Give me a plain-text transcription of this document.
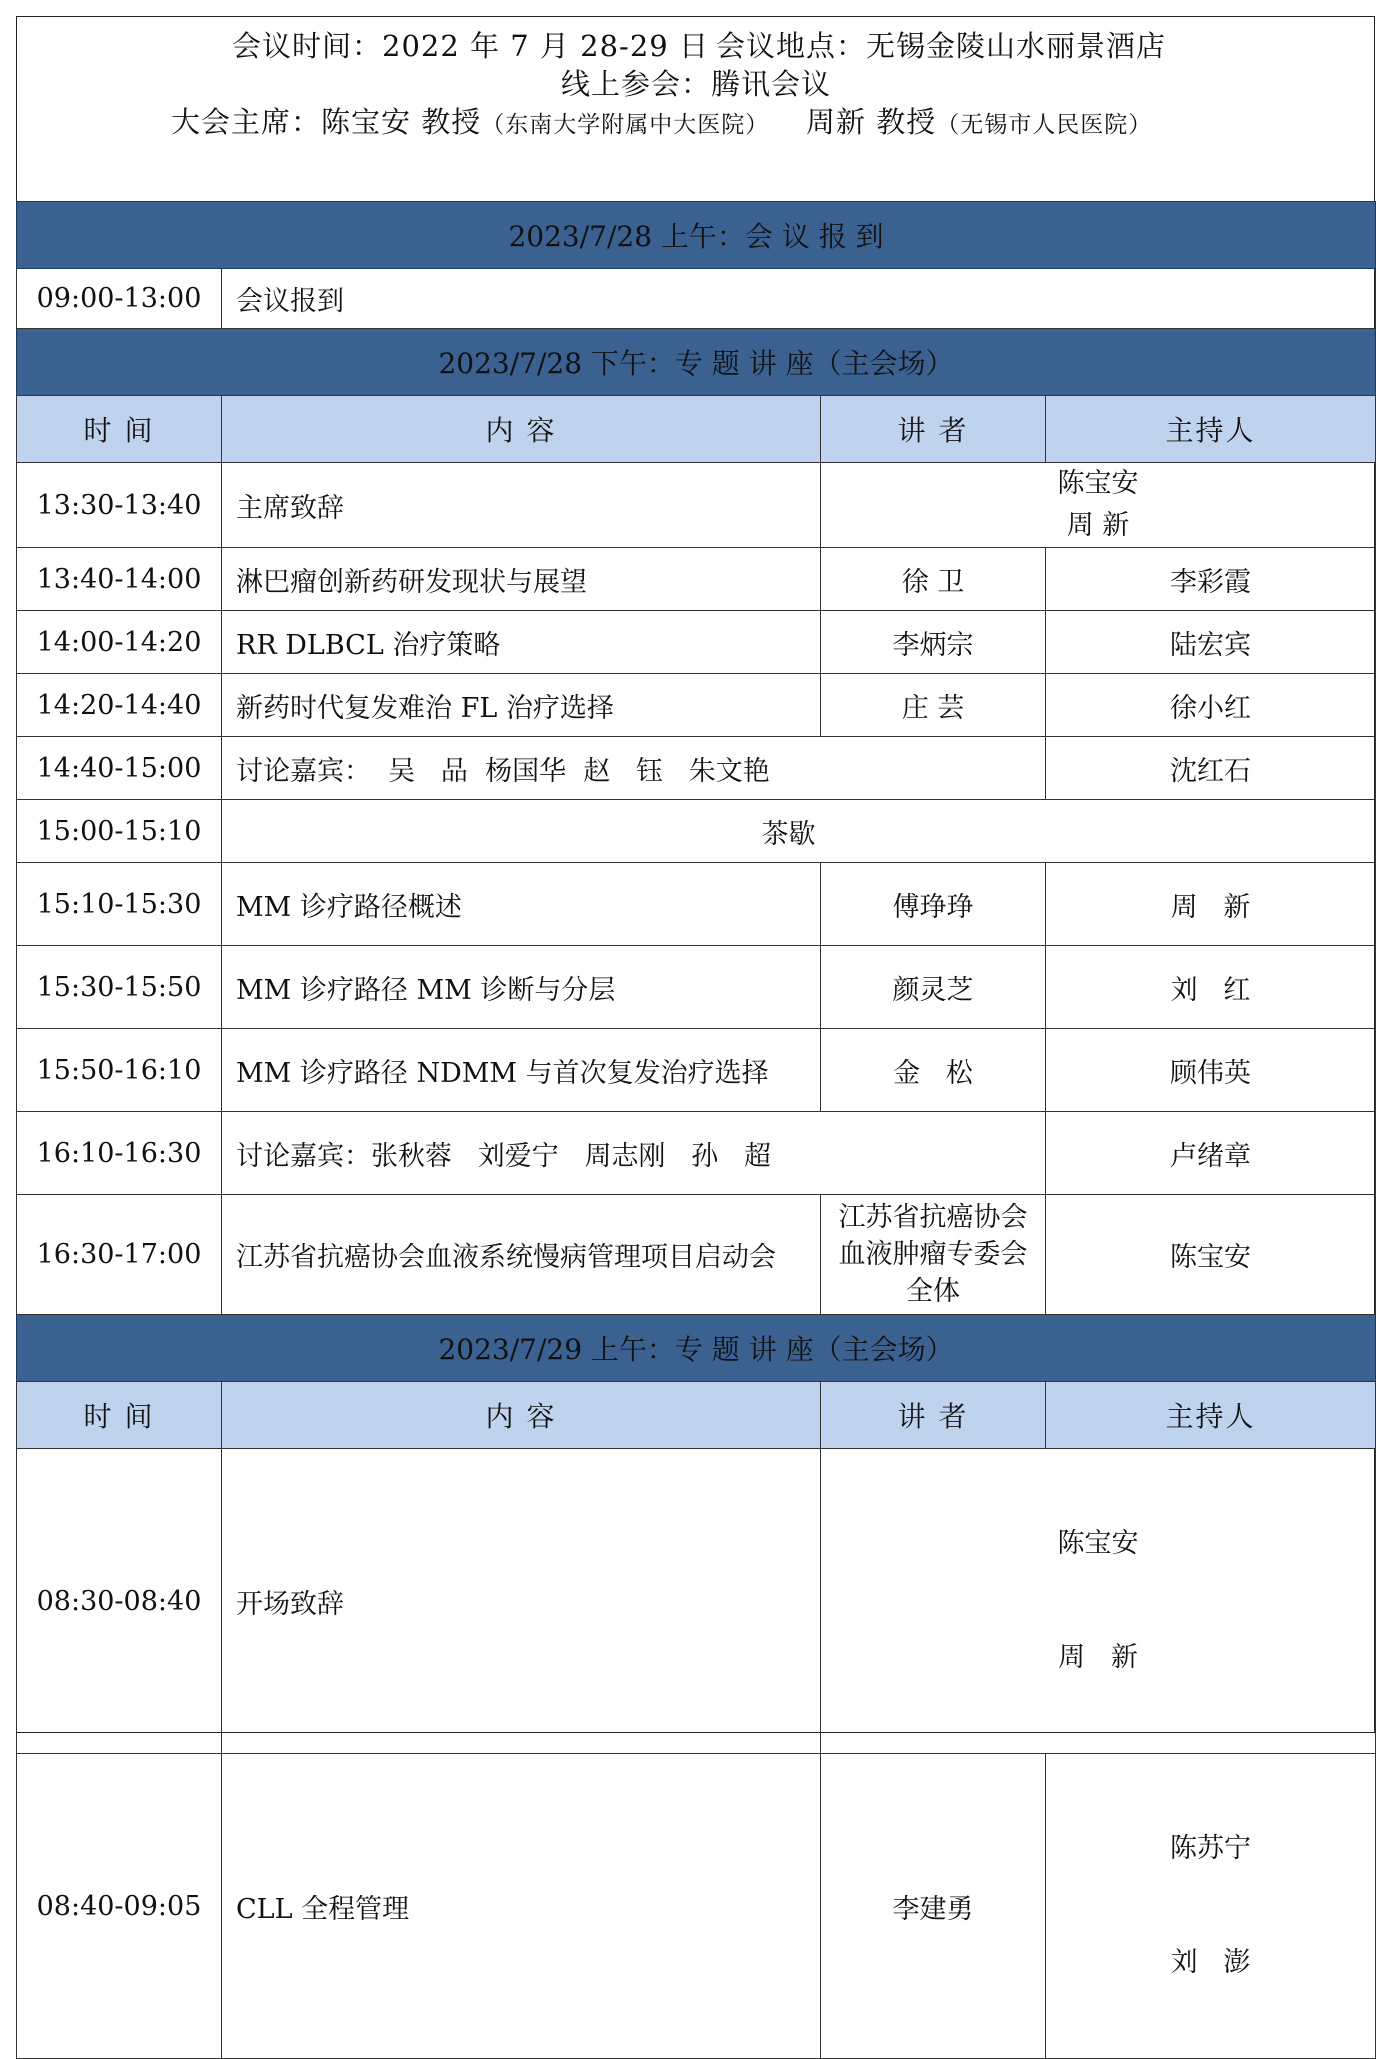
会议时间：2022 年 7 月 28-29 日 会议地点：无锡金陵山水丽景酒店
线上参会：腾讯会议
大会主席：陈宝安 教授（东南大学附属中大医院） 周新 教授（无锡市人民医院）
2023/7/28 上午：会 议 报 到			
09:00-13:00	会议报到		
2023/7/28 下午：专 题 讲 座（主会场）			
时 间	内 容	讲 者	主持人
13:30-13:40	主席致辞	陈宝安
周 新	

13:40-14:00	淋巴瘤创新药研发现状与展望	徐 卫	李彩霞
14:00-14:20	RR DLBCL 治疗策略	李炳宗	陆宏宾
14:20-14:40	新药时代复发难治 FL 治疗选择	庄 芸	徐小红
14:40-15:00	讨论嘉宾：  吴   品  杨国华  赵   钰   朱文艳		沈红石
15:00-15:10	茶歇		
15:10-15:30	MM 诊疗路径概述	傅琤琤	周   新
15:30-15:50	MM 诊疗路径 MM 诊断与分层	颜灵芝	刘   红
15:50-16:10	MM 诊疗路径 NDMM 与首次复发治疗选择	金   松	顾伟英
16:10-16:30	讨论嘉宾：张秋蓉   刘爱宁   周志刚   孙   超		卢绪章
16:30-17:00	江苏省抗癌协会血液系统慢病管理项目启动会	江苏省抗癌协会
血液肿瘤专委会
全体	陈宝安
2023/7/29 上午：专 题 讲 座（主会场）			
时 间	内 容	讲 者	主持人
08:30-08:40	开场致辞	陈宝安

周   新	

08:40-09:05	CLL 全程管理	李建勇	陈苏宁

刘   澎
